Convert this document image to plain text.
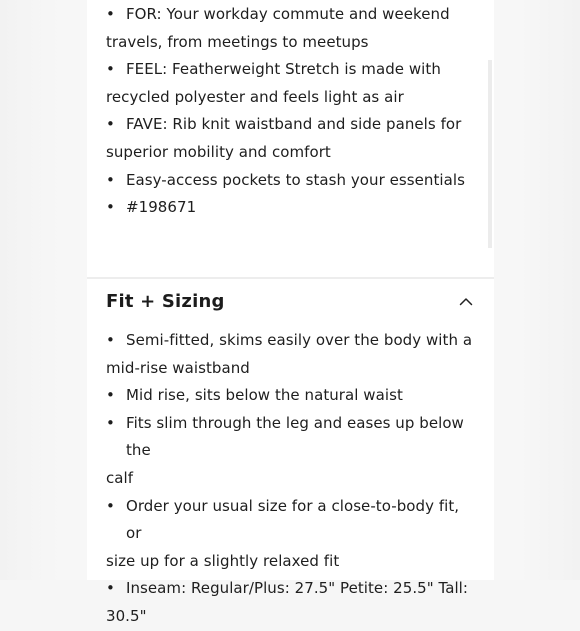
• FOR: Your workday commute and weekend
travels, from meetings to meetups
• FEEL: Featherweight Stretch is made with
recycled polyester and feels light as air
• FAVE: Rib knit waistband and side panels for
superior mobility and comfort
• Easy-access pockets to stash your essentials
• #198671
Fit + Sizing
• Semi-fitted, skims easily over the body with a
mid-rise waistband
• Mid rise, sits below the natural waist
• Fits slim through the leg and eases up below the
calf
• Order your usual size for a close-to-body fit, or
size up for a slightly relaxed fit
• Inseam: Regular/Plus: 27.5" Petite: 25.5" Tall:
30.5"
